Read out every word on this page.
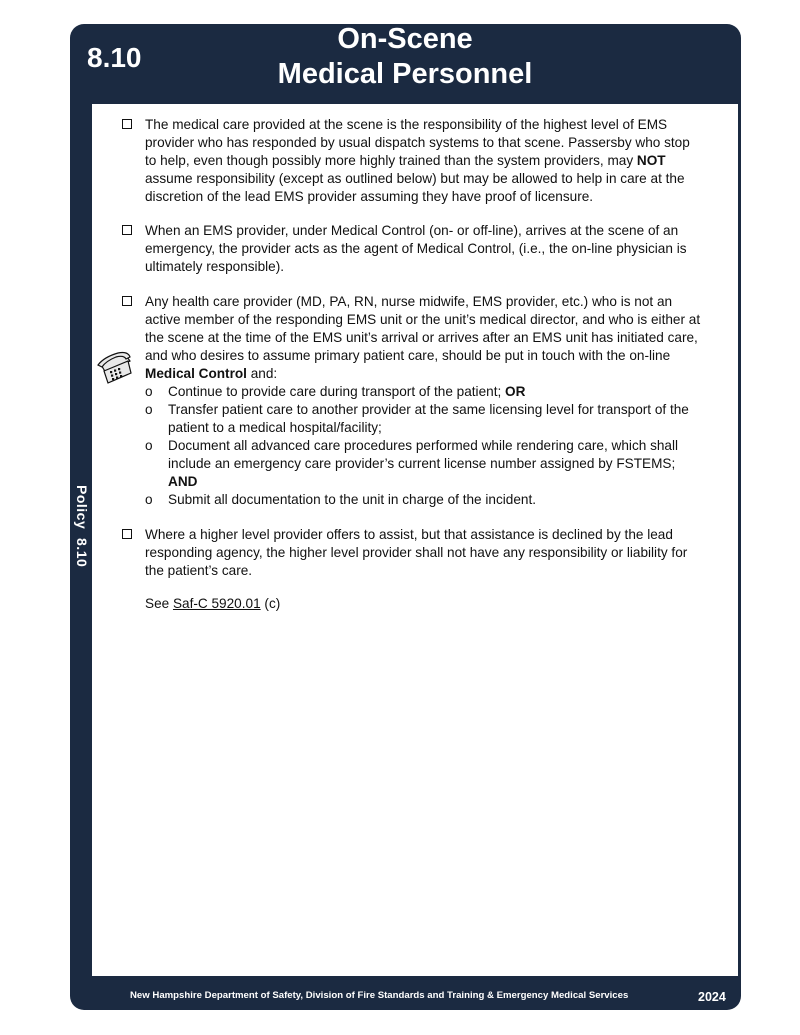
8.10
On-Scene
Medical Personnel
Policy  8.10
The medical care provided at the scene is the responsibility of the highest level of EMS
provider who has responded by usual dispatch systems to that scene. Passersby who stop
to help, even though possibly more highly trained than the system providers, may NOT
assume responsibility (except as outlined below) but may be allowed to help in care at the
discretion of the lead EMS provider assuming they have proof of licensure.
When an EMS provider, under Medical Control (on- or off-line), arrives at the scene of an
emergency, the provider acts as the agent of Medical Control, (i.e., the on-line physician is
ultimately responsible).
Any health care provider (MD, PA, RN, nurse midwife, EMS provider, etc.) who is not an
active member of the responding EMS unit or the unit’s medical director, and who is either at
the scene at the time of the EMS unit’s arrival or arrives after an EMS unit has initiated care,
and who desires to assume primary patient care, should be put in touch with the on-line
Medical Control and:
o	Continue to provide care during transport of the patient; OR
o	Transfer patient care to another provider at the same licensing level for transport of the
patient to a medical hospital/facility;
o	Document all advanced care procedures performed while rendering care, which shall
include an emergency care provider’s current license number assigned by FSTEMS;
AND
o	Submit all documentation to the unit in charge of the incident.
Where a higher level provider offers to assist, but that assistance is declined by the lead
responding agency, the higher level provider shall not have any responsibility or liability for
the patient’s care.
See Saf-C 5920.01 (c)
New Hampshire Department of Safety, Division of Fire Standards and Training & Emergency Medical Services	2024
